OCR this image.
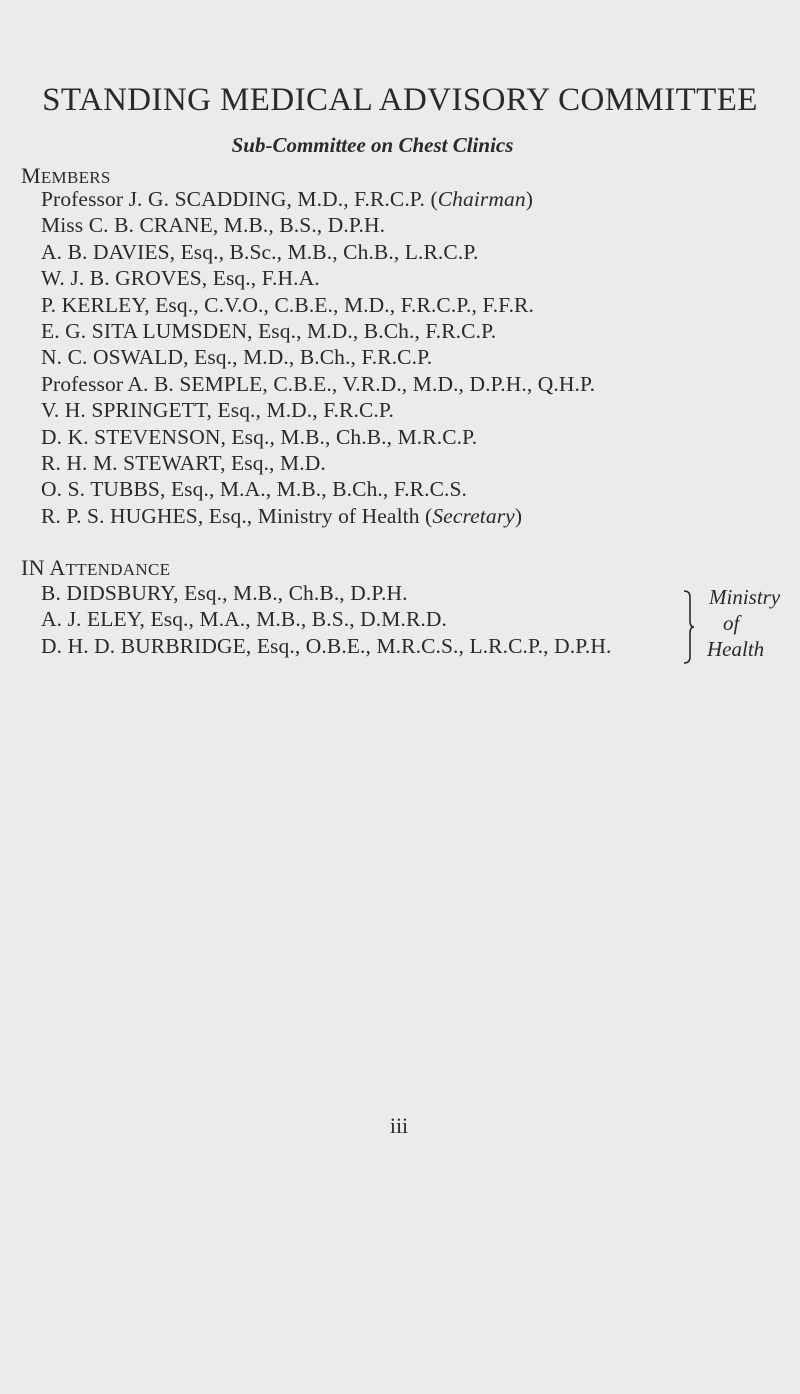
STANDING MEDICAL ADVISORY COMMITTEE
Sub-Committee on Chest Clinics

MEMBERS

Professor J. G. SCADDING, M.D., F.R.C.P. (Chairman)
Miss C. B. CRANE, M.B., B.S., D.P.H.
A. B. DAVIES, Esq., B.Sc., M.B., Ch.B., L.R.C.P.
W. J. B. GROVES, Esq., F.H.A.
P. KERLEY, Esq., C.V.O., C.B.E., M.D., F.R.C.P., F.F.R.
E. G. SITA LUMSDEN, Esq., M.D., B.Ch., F.R.C.P.
N. C. OSWALD, Esq., M.D., B.Ch., F.R.C.P.
Professor A. B. SEMPLE, C.B.E., V.R.D., M.D., D.P.H., Q.H.P.
V. H. SPRINGETT, Esq., M.D., F.R.C.P.
D. K. STEVENSON, Esq., M.B., Ch.B., M.R.C.P.
R. H. M. STEWART, Esq., M.D.
O. S. TUBBS, Esq., M.A., M.B., B.Ch., F.R.C.S.
R. P. S. HUGHES, Esq., Ministry of Health (Secretary)

IN ATTENDANCE

B. DIDSBURY, Esq., M.B., Ch.B., D.P.H.
A. J. ELEY, Esq., M.A., M.B., B.S., D.M.R.D.
D. H. D. BURBRIDGE, Esq., O.B.E., M.R.C.S., L.R.C.P., D.P.H.
Ministry
of
Health
iii
